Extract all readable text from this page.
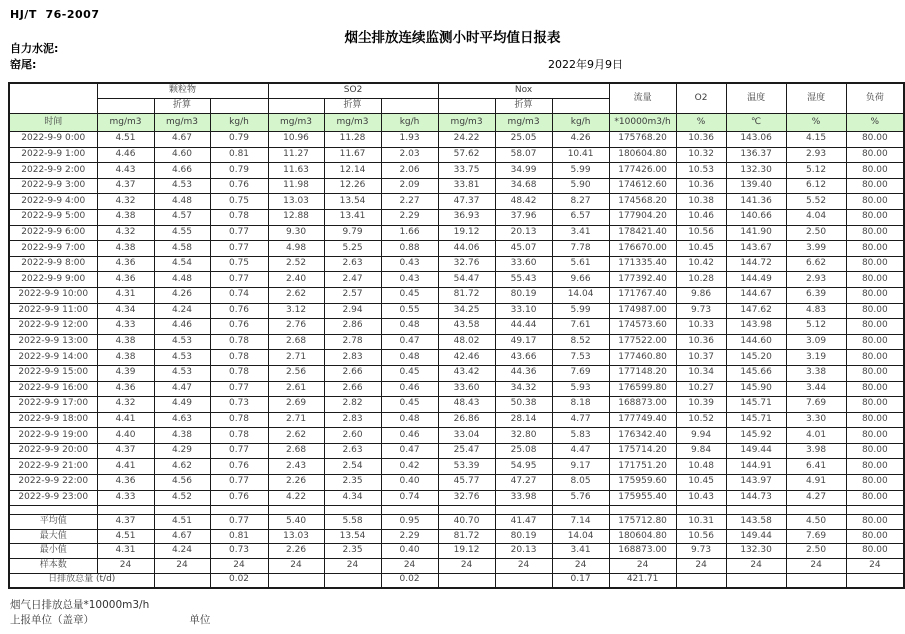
HJ/T  76-2007
烟尘排放连续监测小时平均值日报表
自力水泥:
窑尾:	2022年9月9日
	颗粒物			SO2			Nox			流量	O2	温度	湿度	负荷
		折算			折算			折算						
时间	mg/m3	mg/m3	kg/h	mg/m3	mg/m3	kg/h	mg/m3	mg/m3	kg/h	*10000m3/h	%	℃	%	%
2022-9-9 0:00	4.51	4.67	0.79	10.96	11.28	1.93	24.22	25.05	4.26	175768.20	10.36	143.06	4.15	80.00
2022-9-9 1:00	4.46	4.60	0.81	11.27	11.67	2.03	57.62	58.07	10.41	180604.80	10.32	136.37	2.93	80.00
2022-9-9 2:00	4.43	4.66	0.79	11.63	12.14	2.06	33.75	34.99	5.99	177426.00	10.53	132.30	5.12	80.00
2022-9-9 3:00	4.37	4.53	0.76	11.98	12.26	2.09	33.81	34.68	5.90	174612.60	10.36	139.40	6.12	80.00
2022-9-9 4:00	4.32	4.48	0.75	13.03	13.54	2.27	47.37	48.42	8.27	174568.20	10.38	141.36	5.52	80.00
2022-9-9 5:00	4.38	4.57	0.78	12.88	13.41	2.29	36.93	37.96	6.57	177904.20	10.46	140.66	4.04	80.00
2022-9-9 6:00	4.32	4.55	0.77	9.30	9.79	1.66	19.12	20.13	3.41	178421.40	10.56	141.90	2.50	80.00
2022-9-9 7:00	4.38	4.58	0.77	4.98	5.25	0.88	44.06	45.07	7.78	176670.00	10.45	143.67	3.99	80.00
2022-9-9 8:00	4.36	4.54	0.75	2.52	2.63	0.43	32.76	33.60	5.61	171335.40	10.42	144.72	6.62	80.00
2022-9-9 9:00	4.36	4.48	0.77	2.40	2.47	0.43	54.47	55.43	9.66	177392.40	10.28	144.49	2.93	80.00
2022-9-9 10:00	4.31	4.26	0.74	2.62	2.57	0.45	81.72	80.19	14.04	171767.40	9.86	144.67	6.39	80.00
2022-9-9 11:00	4.34	4.24	0.76	3.12	2.94	0.55	34.25	33.10	5.99	174987.00	9.73	147.62	4.83	80.00
2022-9-9 12:00	4.33	4.46	0.76	2.76	2.86	0.48	43.58	44.44	7.61	174573.60	10.33	143.98	5.12	80.00
2022-9-9 13:00	4.38	4.53	0.78	2.68	2.78	0.47	48.02	49.17	8.52	177522.00	10.36	144.60	3.09	80.00
2022-9-9 14:00	4.38	4.53	0.78	2.71	2.83	0.48	42.46	43.66	7.53	177460.80	10.37	145.20	3.19	80.00
2022-9-9 15:00	4.39	4.53	0.78	2.56	2.66	0.45	43.42	44.36	7.69	177148.20	10.34	145.66	3.38	80.00
2022-9-9 16:00	4.36	4.47	0.77	2.61	2.66	0.46	33.60	34.32	5.93	176599.80	10.27	145.90	3.44	80.00
2022-9-9 17:00	4.32	4.49	0.73	2.69	2.82	0.45	48.43	50.38	8.18	168873.00	10.39	145.71	7.69	80.00
2022-9-9 18:00	4.41	4.63	0.78	2.71	2.83	0.48	26.86	28.14	4.77	177749.40	10.52	145.71	3.30	80.00
2022-9-9 19:00	4.40	4.38	0.78	2.62	2.60	0.46	33.04	32.80	5.83	176342.40	9.94	145.92	4.01	80.00
2022-9-9 20:00	4.37	4.29	0.77	2.68	2.63	0.47	25.47	25.08	4.47	175714.20	9.84	149.44	3.98	80.00
2022-9-9 21:00	4.41	4.62	0.76	2.43	2.54	0.42	53.39	54.95	9.17	171751.20	10.48	144.91	6.41	80.00
2022-9-9 22:00	4.36	4.56	0.77	2.26	2.35	0.40	45.77	47.27	8.05	175959.60	10.45	143.97	4.91	80.00
2022-9-9 23:00	4.33	4.52	0.76	4.22	4.34	0.74	32.76	33.98	5.76	175955.40	10.43	144.73	4.27	80.00

平均值	4.37	4.51	0.77	5.40	5.58	0.95	40.70	41.47	7.14	175712.80	10.31	143.58	4.50	80.00
最大值	4.51	4.67	0.81	13.03	13.54	2.29	81.72	80.19	14.04	180604.80	10.56	149.44	7.69	80.00
最小值	4.31	4.24	0.73	2.26	2.35	0.40	19.12	20.13	3.41	168873.00	9.73	132.30	2.50	80.00
样本数	24	24	24	24	24	24	24	24	24	24	24	24	24	24
日排放总量 (t/d)			0.02			0.02			0.17	421.71				
烟气日排放总量*10000m3/h
上报单位（盖章）	单位
